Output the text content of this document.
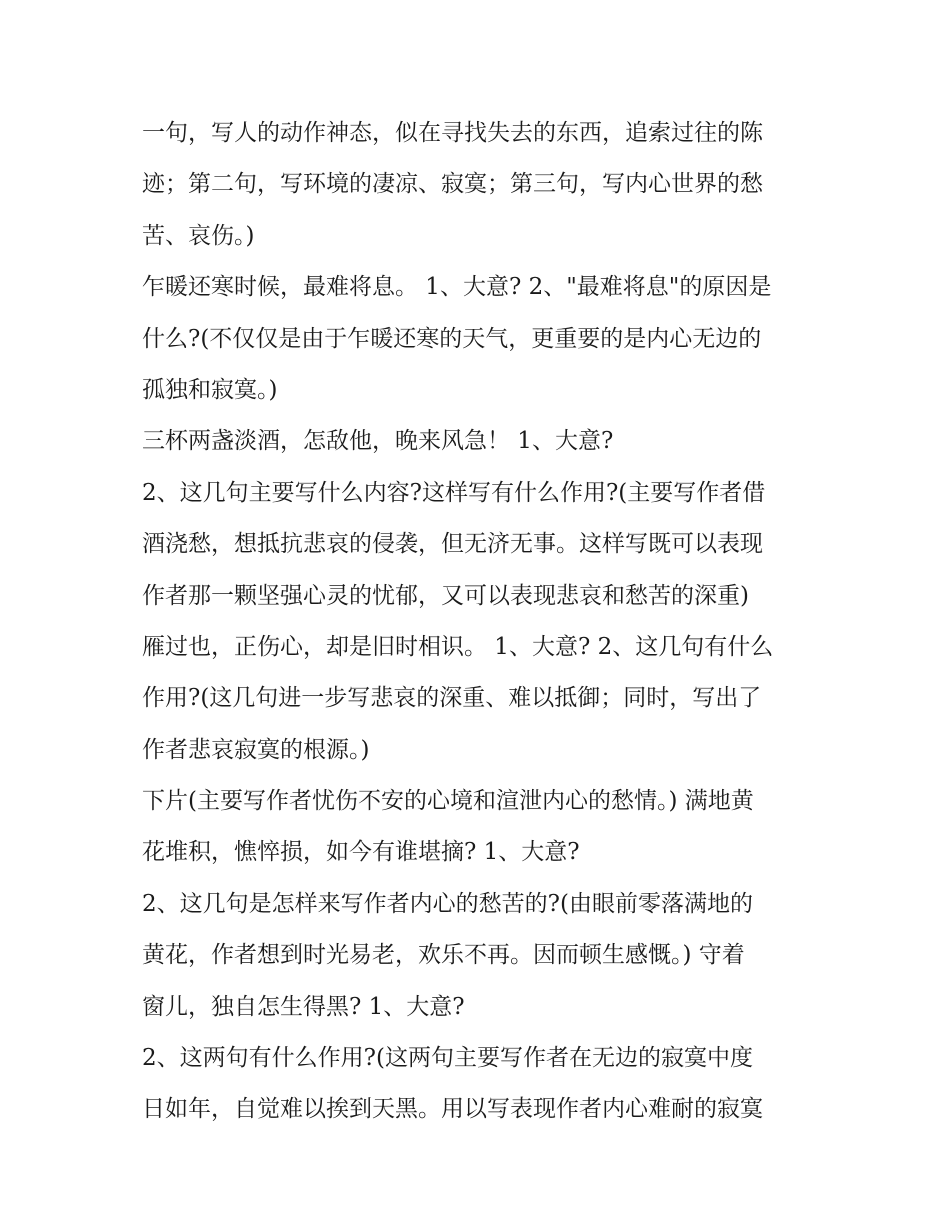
一句，写人的动作神态，似在寻找失去的东西，追索过往的陈
迹；第二句，写环境的凄凉、寂寞；第三句，写内心世界的愁
苦、哀伤。)
乍暖还寒时候，最难将息。 1、大意? 2、"最难将息"的原因是
什么?(不仅仅是由于乍暖还寒的天气，更重要的是内心无边的
孤独和寂寞。)
三杯两盏淡酒，怎敌他，晚来风急！ 1、大意?
2、这几句主要写什么内容?这样写有什么作用?(主要写作者借
酒浇愁，想抵抗悲哀的侵袭，但无济无事。这样写既可以表现
作者那一颗坚强心灵的忧郁，又可以表现悲哀和愁苦的深重)
雁过也，正伤心，却是旧时相识。 1、大意? 2、这几句有什么
作用?(这几句进一步写悲哀的深重、难以抵御；同时，写出了
作者悲哀寂寞的根源。)
下片(主要写作者忧伤不安的心境和渲泄内心的愁情。) 满地黄
花堆积，憔悴损，如今有谁堪摘? 1、大意?
2、这几句是怎样来写作者内心的愁苦的?(由眼前零落满地的
黄花，作者想到时光易老，欢乐不再。因而顿生感慨。) 守着
窗儿，独自怎生得黑? 1、大意?
2、这两句有什么作用?(这两句主要写作者在无边的寂寞中度
日如年，自觉难以挨到天黑。用以写表现作者内心难耐的寂寞
